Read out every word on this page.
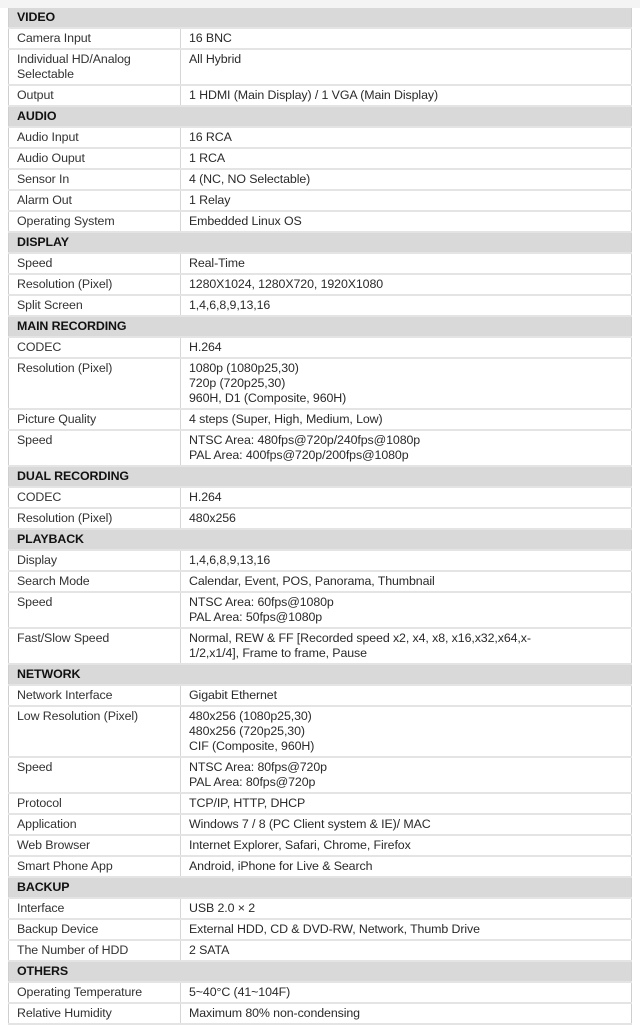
VIDEO	
Camera Input	16 BNC

Individual HD/Analog Selectable	All Hybrid

Output	1 HDMI (Main Display) / 1 VGA (Main Display)

AUDIO	
Audio Input	16 RCA

Audio Ouput	1 RCA

Sensor In	4 (NC, NO Selectable)

Alarm Out	1 Relay

Operating System	Embedded Linux OS

DISPLAY	
Speed	Real-Time

Resolution (Pixel)	1280X1024, 1280X720, 1920X1080

Split Screen	1,4,6,8,9,13,16

MAIN RECORDING	
CODEC	H.264

Resolution (Pixel)	1080p (1080p25,30)
720p (720p25,30)
960H, D1 (Composite, 960H)

Picture Quality	4 steps (Super, High, Medium, Low)

Speed	NTSC Area: 480fps@720p/240fps@1080p
PAL Area: 400fps@720p/200fps@1080p

DUAL RECORDING	
CODEC	H.264

Resolution (Pixel)	480x256

PLAYBACK	
Display	1,4,6,8,9,13,16

Search Mode	Calendar, Event, POS, Panorama, Thumbnail

Speed	NTSC Area: 60fps@1080p
PAL Area: 50fps@1080p

Fast/Slow Speed	Normal, REW & FF [Recorded speed x2, x4, x8, x16,x32,x64,x-
1/2,x1/4], Frame to frame, Pause

NETWORK	
Network Interface	Gigabit Ethernet

Low Resolution (Pixel)	480x256 (1080p25,30)
480x256 (720p25,30)
CIF (Composite, 960H)

Speed	NTSC Area: 80fps@720p
PAL Area: 80fps@720p

Protocol	TCP/IP, HTTP, DHCP

Application	Windows 7 / 8 (PC Client system & IE)/ MAC

Web Browser	Internet Explorer, Safari, Chrome, Firefox

Smart Phone App	Android, iPhone for Live & Search

BACKUP	
Interface	USB 2.0 × 2

Backup Device	External HDD, CD & DVD-RW, Network, Thumb Drive

The Number of HDD	2 SATA

OTHERS	
Operating Temperature	5~40°C (41~104F)

Relative Humidity	Maximum 80% non-condensing
